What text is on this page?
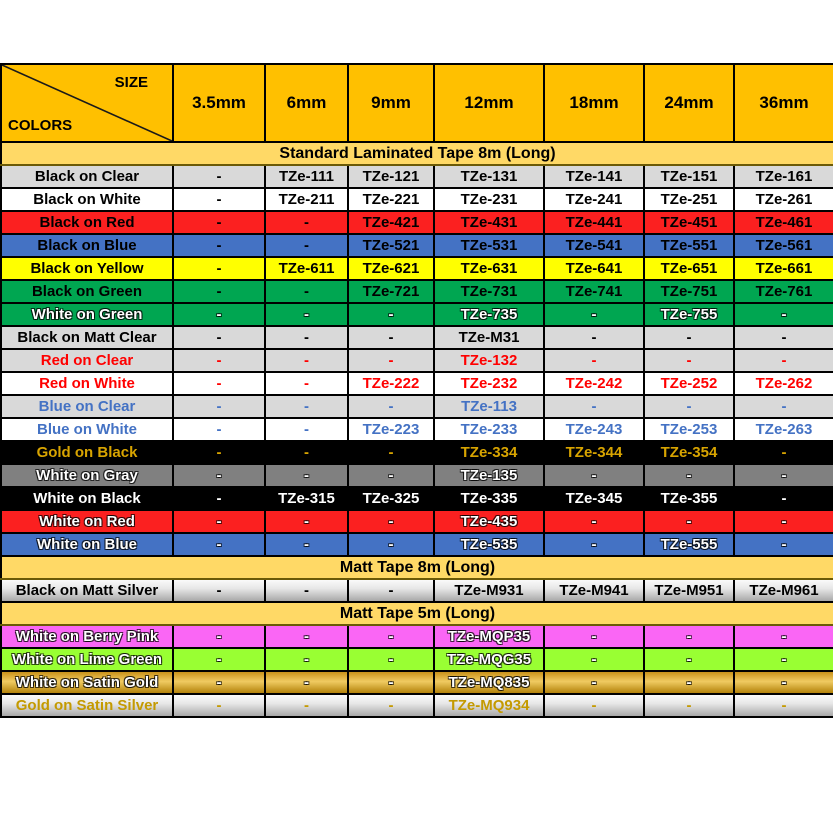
SIZE
COLORS	3.5mm	6mm	9mm	12mm	18mm	24mm	36mm
Standard Laminated Tape 8m (Long)							
Black on Clear	-	TZe-111	TZe-121	TZe-131	TZe-141	TZe-151	TZe-161
Black on White	-	TZe-211	TZe-221	TZe-231	TZe-241	TZe-251	TZe-261
Black on Red	-	-	TZe-421	TZe-431	TZe-441	TZe-451	TZe-461
Black on Blue	-	-	TZe-521	TZe-531	TZe-541	TZe-551	TZe-561
Black on Yellow	-	TZe-611	TZe-621	TZe-631	TZe-641	TZe-651	TZe-661
Black on Green	-	-	TZe-721	TZe-731	TZe-741	TZe-751	TZe-761
White on Green	-	-	-	TZe-735	-	TZe-755	-
Black on Matt Clear	-	-	-	TZe-M31	-	-	-
Red on Clear	-	-	-	TZe-132	-	-	-
Red on White	-	-	TZe-222	TZe-232	TZe-242	TZe-252	TZe-262
Blue on Clear	-	-	-	TZe-113	-	-	-
Blue on White	-	-	TZe-223	TZe-233	TZe-243	TZe-253	TZe-263
Gold on Black	-	-	-	TZe-334	TZe-344	TZe-354	-
White on Gray	-	-	-	TZe-135	-	-	-
White on Black	-	TZe-315	TZe-325	TZe-335	TZe-345	TZe-355	-
White on Red	-	-	-	TZe-435	-	-	-
White on Blue	-	-	-	TZe-535	-	TZe-555	-
Matt Tape 8m (Long)							
Black on Matt Silver	-	-	-	TZe-M931	TZe-M941	TZe-M951	TZe-M961
Matt Tape 5m (Long)							
White on Berry Pink	-	-	-	TZe-MQP35	-	-	-
White on Lime Green	-	-	-	TZe-MQG35	-	-	-
White on Satin Gold	-	-	-	TZe-MQ835	-	-	-
Gold on Satin Silver	-	-	-	TZe-MQ934	-	-	-
